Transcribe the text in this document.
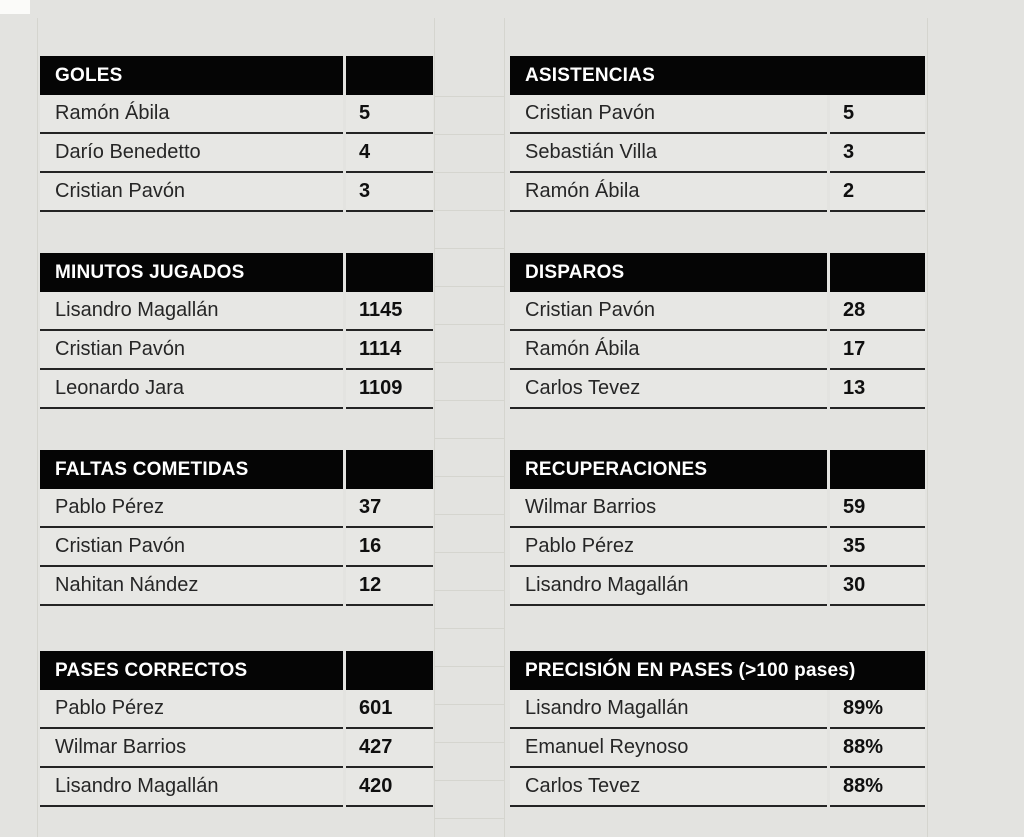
GOLES
Ramón Ábila	5
Darío Benedetto	4
Cristian Pavón	3
ASISTENCIAS
Cristian Pavón	5
Sebastián Villa	3
Ramón Ábila	2
MINUTOS JUGADOS
Lisandro Magallán	1145
Cristian Pavón	1114
Leonardo Jara	1109
DISPAROS
Cristian Pavón	28
Ramón Ábila	17
Carlos Tevez	13
FALTAS COMETIDAS
Pablo Pérez	37
Cristian Pavón	16
Nahitan Nández	12
RECUPERACIONES
Wilmar Barrios	59
Pablo Pérez	35
Lisandro Magallán	30
PASES CORRECTOS
Pablo Pérez	601
Wilmar Barrios	427
Lisandro Magallán	420
PRECISIÓN EN PASES (>100 pases)
Lisandro Magallán	89%
Emanuel Reynoso	88%
Carlos Tevez	88%
